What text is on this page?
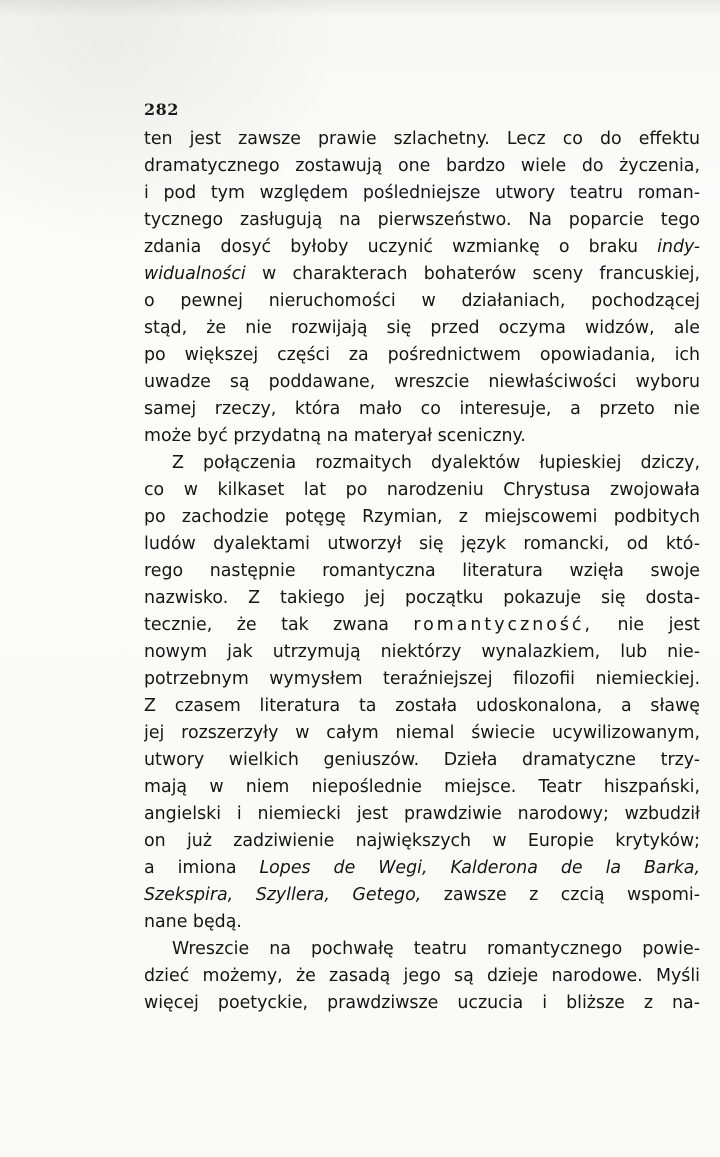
282
ten jest zawsze prawie szlachetny. Lecz co do effektu
dramatycznego zostawują one bardzo wiele do życzenia,
i pod tym względem pośledniejsze utwory teatru roman-
tycznego zasługują na pierwszeństwo. Na poparcie tego
zdania dosyć byłoby uczynić wzmiankę o braku indy-
widualności w charakterach bohaterów sceny francuskiej,
o pewnej nieruchomości w działaniach, pochodzącej
stąd, że nie rozwijają się przed oczyma widzów, ale
po większej części za pośrednictwem opowiadania, ich
uwadze są poddawane, wreszcie niewłaściwości wyboru
samej rzeczy, która mało co interesuje, a przeto nie
może być przydatną na materyał sceniczny.
Z połączenia rozmaitych dyalektów łupieskiej dziczy,
co w kilkaset lat po narodzeniu Chrystusa zwojowała
po zachodzie potęgę Rzymian, z miejscowemi podbitych
ludów dyalektami utworzył się język romancki, od któ-
rego następnie romantyczna literatura wzięła swoje
nazwisko. Z takiego jej początku pokazuje się dosta-
tecznie, że tak zwana romantyczność, nie jest
nowym jak utrzymują niektórzy wynalazkiem, lub nie-
potrzebnym wymysłem teraźniejszej filozofii niemieckiej.
Z czasem literatura ta została udoskonalona, a sławę
jej rozszerzyły w całym niemal świecie ucywilizowanym,
utwory wielkich geniuszów. Dzieła dramatyczne trzy-
mają w niem niepoślednie miejsce. Teatr hiszpański,
angielski i niemiecki jest prawdziwie narodowy; wzbudził
on już zadziwienie największych w Europie krytyków;
a imiona Lopes de Wegi, Kalderona de la Barka,
Szekspira, Szyllera, Getego, zawsze z czcią wspomi-
nane będą.
Wreszcie na pochwałę teatru romantycznego powie-
dzieć możemy, że zasadą jego są dzieje narodowe. Myśli
więcej poetyckie, prawdziwsze uczucia i bliższe z na-
